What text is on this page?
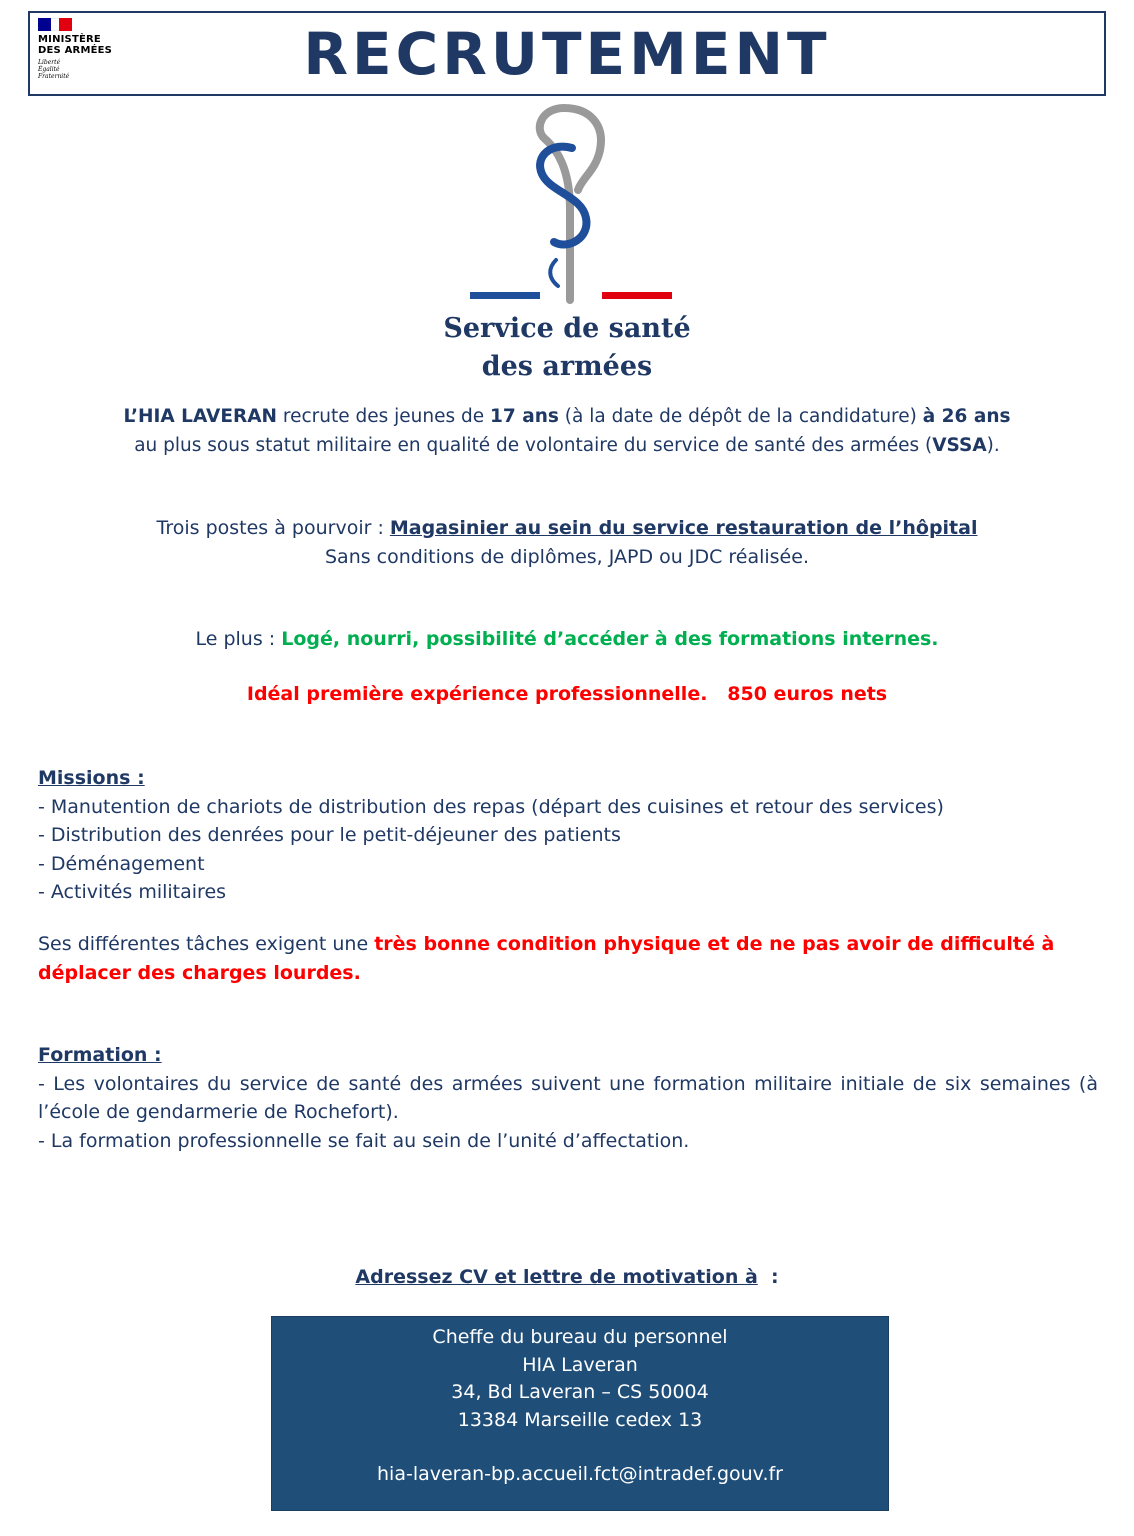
MINISTÈRE
DES ARMÉES
Liberté
Égalité
Fraternité	RECRUTEMENT
Service de santé
des armées
L’HIA LAVERAN recrute des jeunes de 17 ans (à la date de dépôt de la candidature) à 26 ans
au plus sous statut militaire en qualité de volontaire du service de santé des armées (VSSA).
Trois postes à pourvoir : Magasinier au sein du service restauration de l’hôpital
Sans conditions de diplômes, JAPD ou JDC réalisée.
Le plus : Logé, nourri, possibilité d’accéder à des formations internes.
Idéal première expérience professionnelle. 850 euros nets
Missions :
- Manutention de chariots de distribution des repas (départ des cuisines et retour des services)
- Distribution des denrées pour le petit-déjeuner des patients
- Déménagement
- Activités militaires
Ses différentes tâches exigent une très bonne condition physique et de ne pas avoir de difficulté à déplacer des charges lourdes.
Formation :
- Les volontaires du service de santé des armées suivent une formation militaire initiale de six semaines (à l’école de gendarmerie de Rochefort).
- La formation professionnelle se fait au sein de l’unité d’affectation.
Adressez CV et lettre de motivation à  :
Cheffe du bureau du personnel
HIA Laveran
34, Bd Laveran – CS 50004
13384 Marseille cedex 13
hia-laveran-bp.accueil.fct@intradef.gouv.fr
